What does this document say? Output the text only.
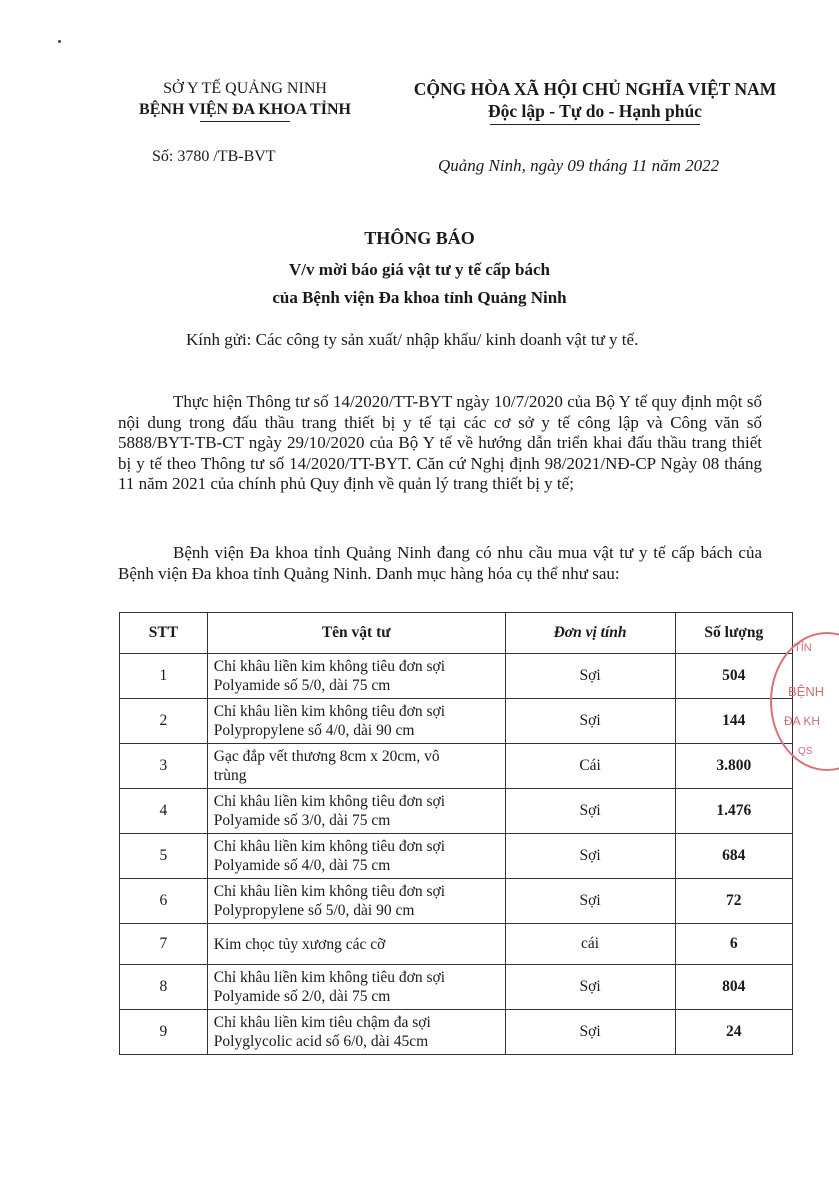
SỞ Y TẾ QUẢNG NINH
BỆNH VIỆN ĐA KHOA TỈNH
CỘNG HÒA XÃ HỘI CHỦ NGHĨA VIỆT NAM
Độc lập - Tự do - Hạnh phúc
Số: 3780 /TB-BVT	Quảng Ninh, ngày 09 tháng 11 năm 2022
THÔNG BÁO
V/v mời báo giá vật tư y tế cấp bách
của Bệnh viện Đa khoa tỉnh Quảng Ninh
Kính gửi: Các công ty sản xuất/ nhập khẩu/ kinh doanh vật tư y tế.

Thực hiện Thông tư số 14/2020/TT-BYT ngày 10/7/2020 của Bộ Y tế quy định một số nội dung trong đấu thầu trang thiết bị y tế tại các cơ sở y tế công lập và Công văn số 5888/BYT-TB-CT ngày 29/10/2020 của Bộ Y tế về hướng dẫn triển khai đấu thầu trang thiết bị y tế theo Thông tư số 14/2020/TT-BYT. Căn cứ Nghị định 98/2021/NĐ-CP Ngày 08 tháng 11 năm 2021 của chính phủ Quy định về quản lý trang thiết bị y tế;

Bệnh viện Đa khoa tỉnh Quảng Ninh đang có nhu cầu mua vật tư y tế cấp bách của Bệnh viện Đa khoa tỉnh Quảng Ninh. Danh mục hàng hóa cụ thể như sau:

STT	Tên vật tư	Đơn vị tính	Số lượng
1	Chỉ khâu liền kim không tiêu đơn sợi
Polyamide số 5/0, dài 75 cm	Sợi	504
2	Chỉ khâu liền kim không tiêu đơn sợi
Polypropylene số 4/0, dài 90 cm	Sợi	144
3	Gạc đắp vết thương 8cm x 20cm, vô
trùng	Cái	3.800
4	Chỉ khâu liền kim không tiêu đơn sợi
Polyamide số 3/0, dài 75 cm	Sợi	1.476
5	Chỉ khâu liền kim không tiêu đơn sợi
Polyamide số 4/0, dài 75 cm	Sợi	684
6	Chỉ khâu liền kim không tiêu đơn sợi
Polypropylene số 5/0, dài 90 cm	Sợi	72
7	Kim chọc tủy xương các cỡ	cái	6
8	Chỉ khâu liền kim không tiêu đơn sợi
Polyamide số 2/0, dài 75 cm	Sợi	804
9	Chỉ khâu liền kim tiêu chậm đa sợi
Polyglycolic acid số 6/0, dài 45cm	Sợi	24
TỈN
BỆNH
ĐA KH
QS
